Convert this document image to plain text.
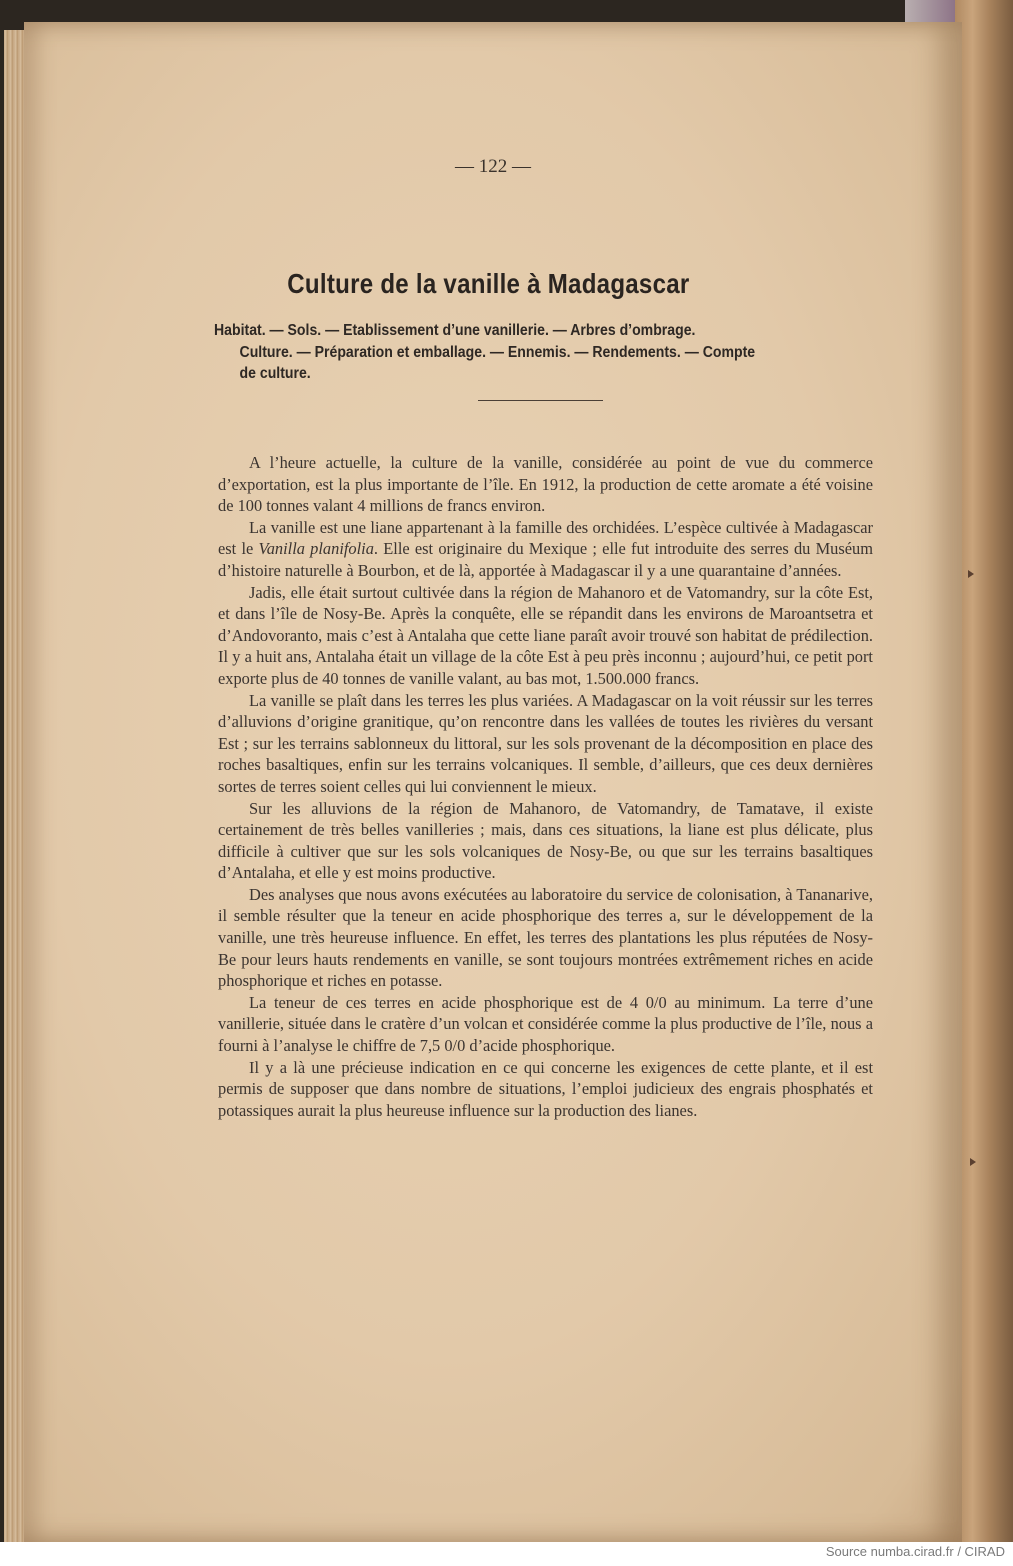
— 122 —
Culture de la vanille à Madagascar
Habitat. — Sols. — Etablissement d’une vanillerie. — Arbres d’ombrage.
Culture. — Préparation et emballage. — Ennemis. — Rendements. — Compte
de culture.

A l’heure actuelle, la culture de la vanille, considérée au point de vue du commerce d’exportation, est la plus importante de l’île. En 1912, la production de cette aromate a été voisine de 100 tonnes valant 4 millions de francs environ.

La vanille est une liane appartenant à la famille des orchidées. L’espèce cultivée à Madagascar est le Vanilla planifolia. Elle est originaire du Mexique ; elle fut introduite des serres du Muséum d’histoire naturelle à Bourbon, et de là, apportée à Madagascar il y a une quarantaine d’années.

Jadis, elle était surtout cultivée dans la région de Mahanoro et de Vatomandry, sur la côte Est, et dans l’île de Nosy-Be. Après la conquête, elle se répandit dans les environs de Maroantsetra et d’Andovoranto, mais c’est à Antalaha que cette liane paraît avoir trouvé son habitat de prédilection. Il y a huit ans, Antalaha était un village de la côte Est à peu près inconnu ; aujourd’hui, ce petit port exporte plus de 40 tonnes de vanille valant, au bas mot, 1.500.000 francs.

La vanille se plaît dans les terres les plus variées. A Madagascar on la voit réussir sur les terres d’alluvions d’origine granitique, qu’on rencontre dans les vallées de toutes les rivières du versant Est ; sur les terrains sablonneux du littoral, sur les sols provenant de la décomposition en place des roches basaltiques, enfin sur les terrains volcaniques. Il semble, d’ailleurs, que ces deux dernières sortes de terres soient celles qui lui conviennent le mieux.

Sur les alluvions de la région de Mahanoro, de Vatomandry, de Tamatave, il existe certainement de très belles vanilleries ; mais, dans ces situations, la liane est plus délicate, plus difficile à cultiver que sur les sols volcaniques de Nosy-Be, ou que sur les terrains basaltiques d’Antalaha, et elle y est moins productive.

Des analyses que nous avons exécutées au laboratoire du service de colonisation, à Tananarive, il semble résulter que la teneur en acide phosphorique des terres a, sur le développement de la vanille, une très heureuse influence. En effet, les terres des plantations les plus réputées de Nosy-Be pour leurs hauts rendements en vanille, se sont toujours montrées extrêmement riches en acide phosphorique et riches en potasse.

La teneur de ces terres en acide phosphorique est de 4 0/0 au minimum. La terre d’une vanillerie, située dans le cratère d’un volcan et considérée comme la plus productive de l’île, nous a fourni à l’analyse le chiffre de 7,5 0/0 d’acide phosphorique.

Il y a là une précieuse indication en ce qui concerne les exigences de cette plante, et il est permis de supposer que dans nombre de situations, l’emploi judicieux des engrais phosphatés et potassiques aurait la plus heureuse influence sur la production des lianes.

Source numba.cirad.fr / CIRAD
